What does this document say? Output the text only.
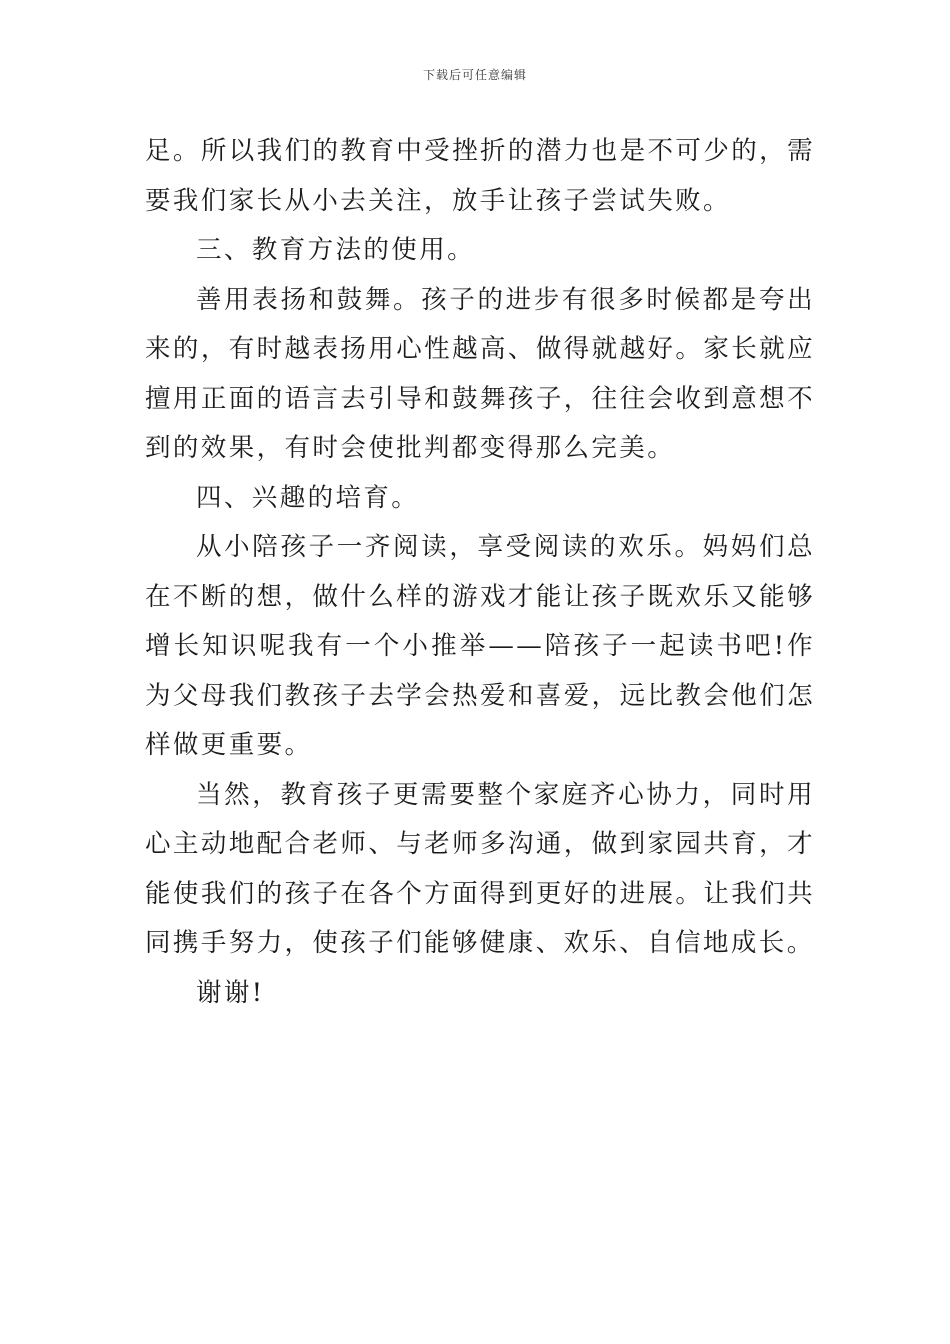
下载后可任意编辑

足。所以我们的教育中受挫折的潜力也是不可少的，需要我们家长从小去关注，放手让孩子尝试失败。

三、教育方法的使用。

善用表扬和鼓舞。孩子的进步有很多时候都是夸出来的，有时越表扬用心性越高、做得就越好。家长就应擅用正面的语言去引导和鼓舞孩子，往往会收到意想不到的效果，有时会使批判都变得那么完美。

四、兴趣的培育。

从小陪孩子一齐阅读，享受阅读的欢乐。妈妈们总在不断的想，做什么样的游戏才能让孩子既欢乐又能够增长知识呢我有一个小推举——陪孩子一起读书吧!作为父母我们教孩子去学会热爱和喜爱，远比教会他们怎样做更重要。

当然，教育孩子更需要整个家庭齐心协力，同时用心主动地配合老师、与老师多沟通，做到家园共育，才能使我们的孩子在各个方面得到更好的进展。让我们共同携手努力，使孩子们能够健康、欢乐、自信地成长。

谢谢!
